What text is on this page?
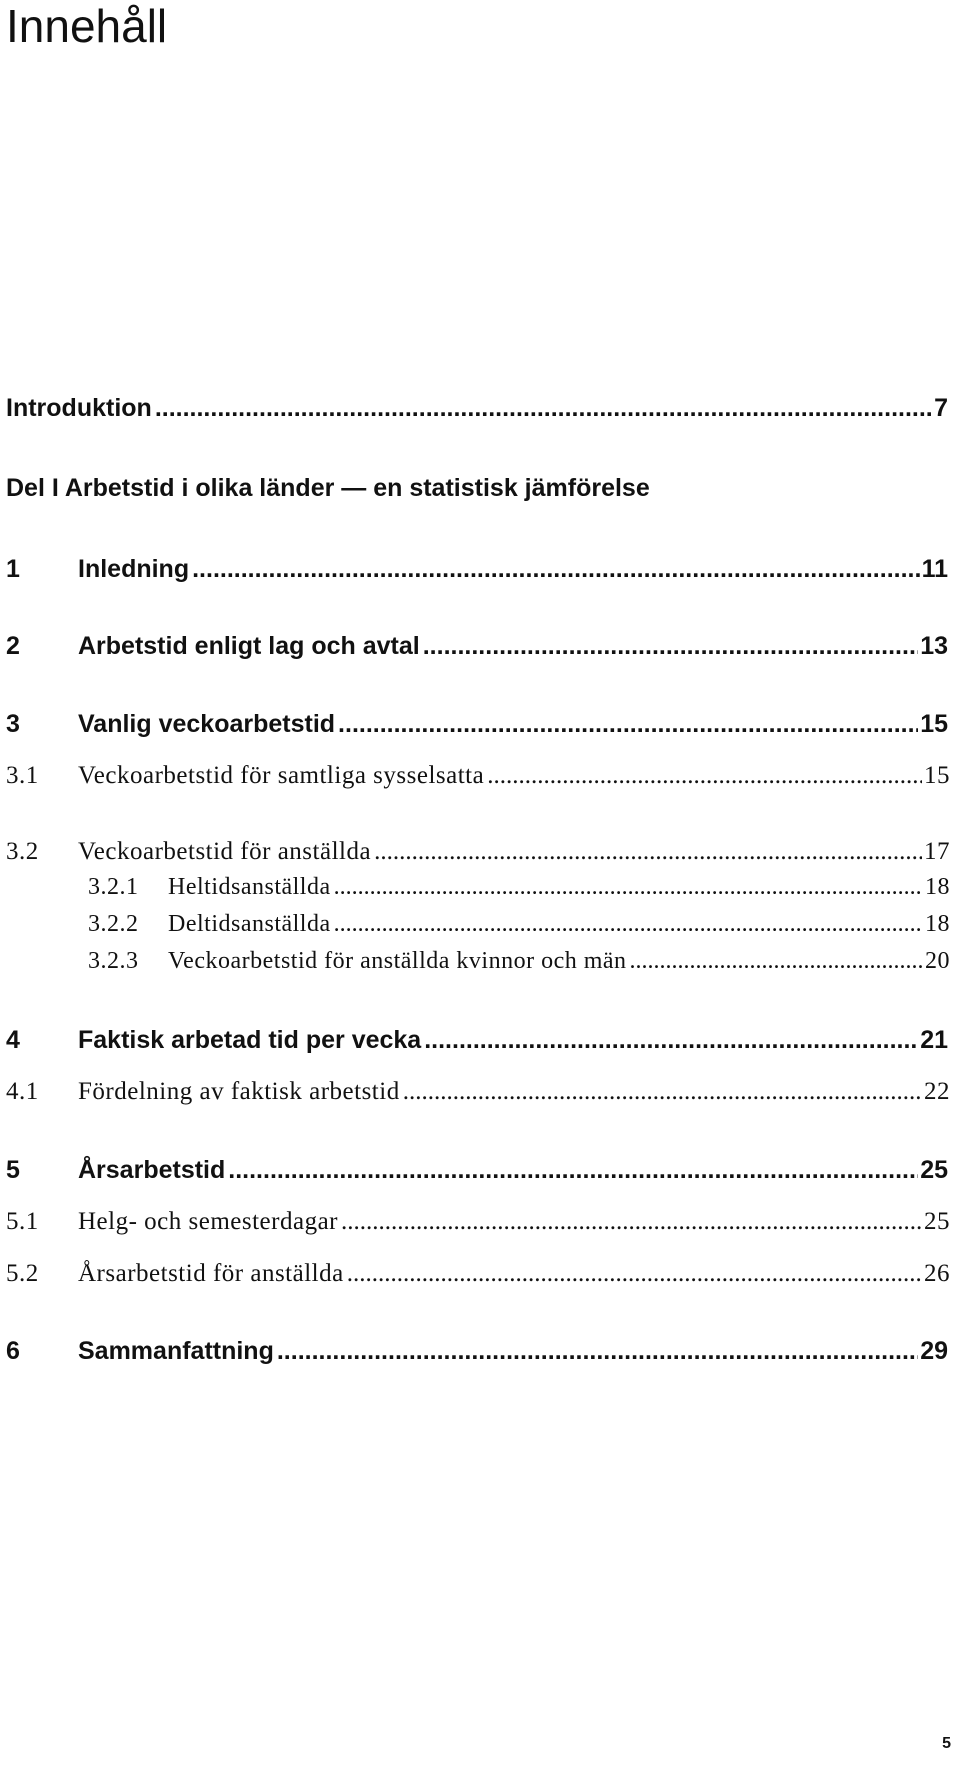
Innehåll
Introduktion .....	7
Del I Arbetstid i olika länder — en statistisk jämförelse
1	Inledning .....	11
2	Arbetstid enligt lag och avtal .....	13
3	Vanlig veckoarbetstid .....	15
3.1	Veckoarbetstid för samtliga sysselsatta .....	15
3.2	Veckoarbetstid för anställda .....	17
3.2.1	Heltidsanställda .....	18
3.2.2	Deltidsanställda .....	18
3.2.3	Veckoarbetstid för anställda kvinnor och män .....	20
4	Faktisk arbetad tid per vecka .....	21
4.1	Fördelning av faktisk arbetstid .....	22
5	Årsarbetstid .....	25
5.1	Helg- och semesterdagar .....	25
5.2	Årsarbetstid för anställda .....	26
6	Sammanfattning .....	29
5
